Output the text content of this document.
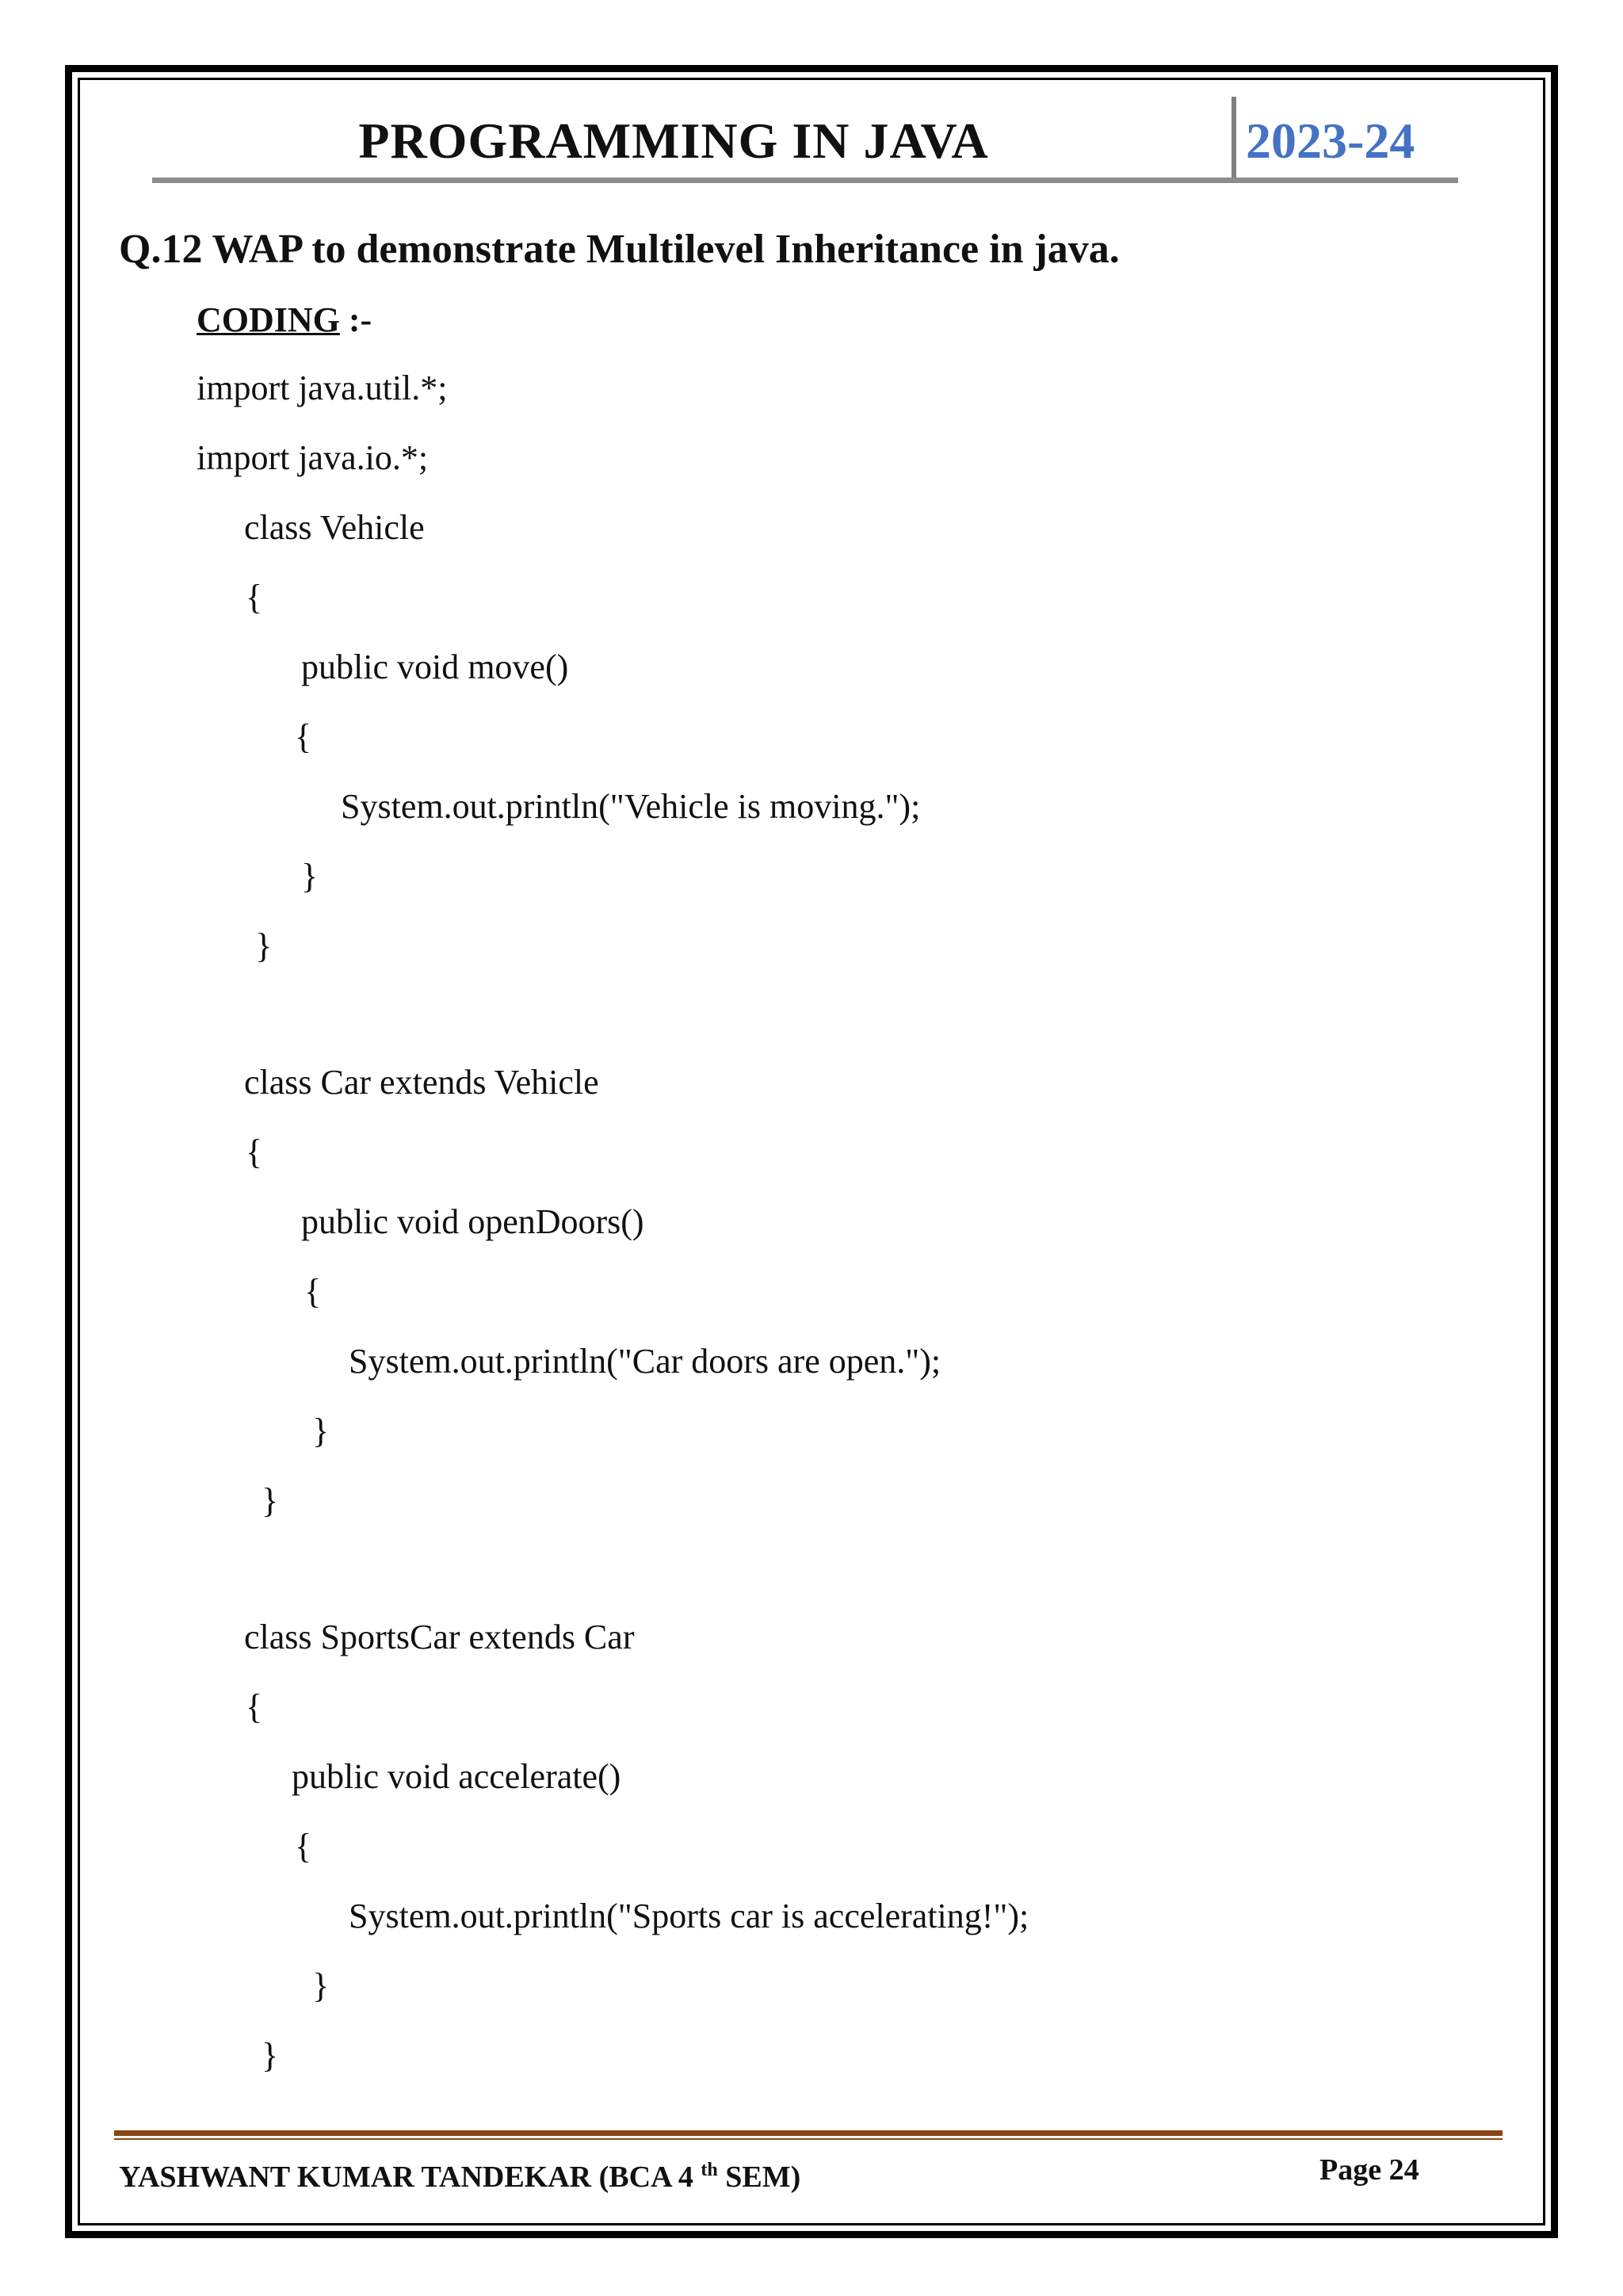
PROGRAMMING IN JAVA	2023-24
Q.12 WAP to demonstrate Multilevel Inheritance in java.
CODING :-
import java.util.*;
import java.io.*;
class Vehicle
{
public void move()
{
System.out.println("Vehicle is moving.");
}
}
class Car extends Vehicle
{
public void openDoors()
{
System.out.println("Car doors are open.");
}
}
class SportsCar extends Car
{
public void accelerate()
{
System.out.println("Sports car is accelerating!");
}
}
YASHWANT KUMAR TANDEKAR (BCA 4 $^{th}$ SEM)	Page 24
